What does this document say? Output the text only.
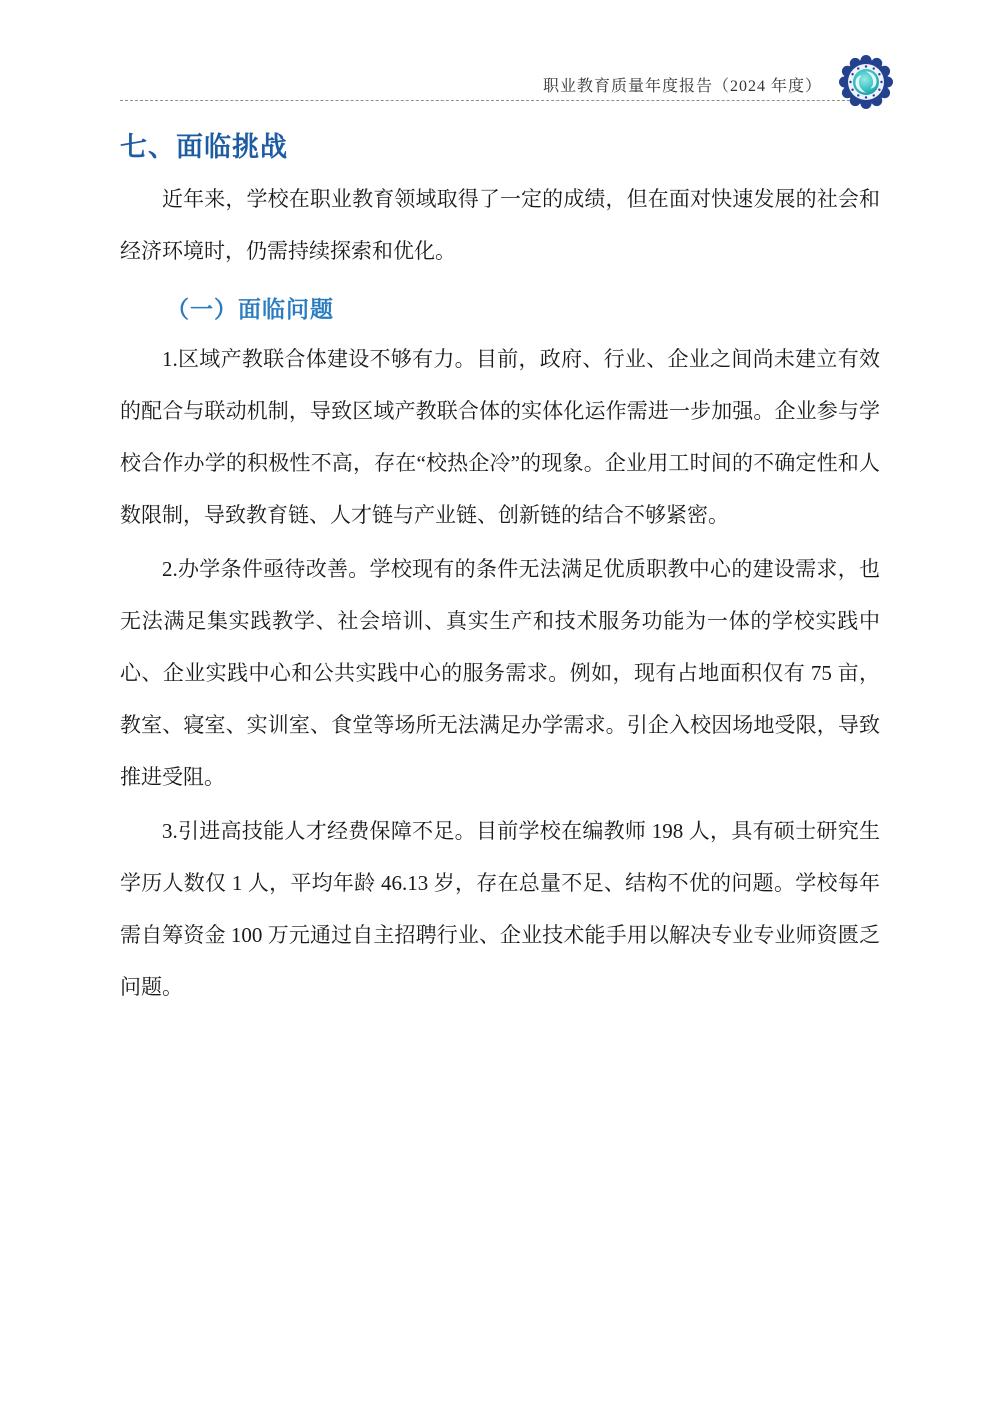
职业教育质量年度报告（2024 年度）
七、面临挑战

近年来，学校在职业教育领域取得了一定的成绩，但在面对快速发展的社会和经济环境时，仍需持续探索和优化。

（一）面临问题

1.区域产教联合体建设不够有力。目前，政府、行业、企业之间尚未建立有效的配合与联动机制，导致区域产教联合体的实体化运作需进一步加强。企业参与学校合作办学的积极性不高，存在“校热企冷”的现象。企业用工时间的不确定性和人数限制，导致教育链、人才链与产业链、创新链的结合不够紧密。

2.办学条件亟待改善。学校现有的条件无法满足优质职教中心的建设需求，也无法满足集实践教学、社会培训、真实生产和技术服务功能为一体的学校实践中心、企业实践中心和公共实践中心的服务需求。例如，现有占地面积仅有 75 亩，教室、寝室、实训室、食堂等场所无法满足办学需求。引企入校因场地受限，导致推进受阻。

3.引进高技能人才经费保障不足。目前学校在编教师 198 人，具有硕士研究生学历人数仅 1 人，平均年龄 46.13 岁，存在总量不足、结构不优的问题。学校每年需自筹资金 100 万元通过自主招聘行业、企业技术能手用以解决专业专业师资匮乏问题。
